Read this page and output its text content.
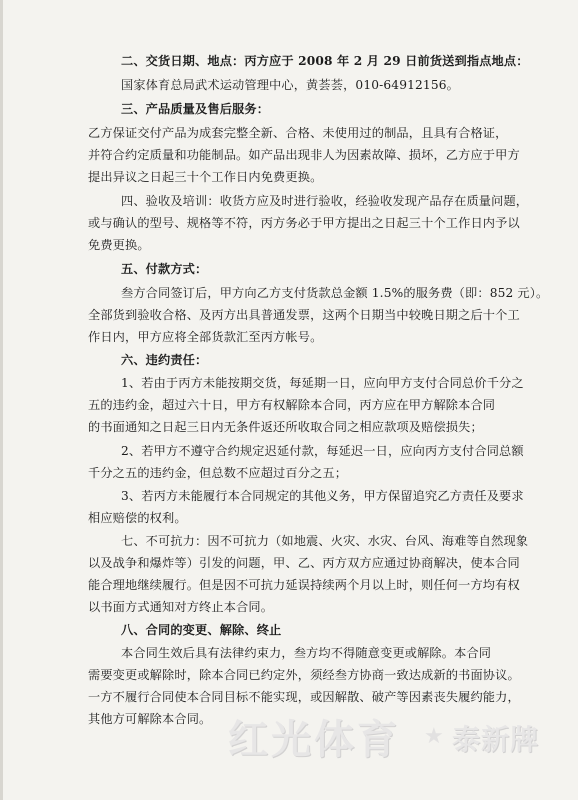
二、交货日期、地点：丙方应于 2008 年 2 月 29 日前货送到指点地点：
国家体育总局武术运动管理中心，黄荟荟，010-64912156。
三、产品质量及售后服务：
乙方保证交付产品为成套完整全新、合格、未使用过的制品，且具有合格证，
并符合约定质量和功能制品。如产品出现非人为因素故障、损坏，乙方应于甲方
提出异议之日起三十个工作日内免费更换。
四、验收及培训：收货方应及时进行验收，经验收发现产品存在质量问题，
或与确认的型号、规格等不符，丙方务必于甲方提出之日起三十个工作日内予以
免费更换。
五、付款方式：
叁方合同签订后，甲方向乙方支付货款总金额 1.5%的服务费（即：852 元）。
全部货到验收合格、及丙方出具普通发票，这两个日期当中较晚日期之后十个工
作日内，甲方应将全部货款汇至丙方帐号。
六、违约责任：
1、若由于丙方未能按期交货，每延期一日，应向甲方支付合同总价千分之
五的违约金，超过六十日，甲方有权解除本合同，丙方应在甲方解除本合同
的书面通知之日起三日内无条件返还所收取合同之相应款项及赔偿损失；
2、若甲方不遵守合约规定迟延付款，每延迟一日，应向丙方支付合同总额
千分之五的违约金，但总数不应超过百分之五；
3、若丙方未能履行本合同规定的其他义务，甲方保留追究乙方责任及要求
相应赔偿的权利。
七、不可抗力：因不可抗力（如地震、火灾、水灾、台风、海难等自然现象
以及战争和爆炸等）引发的问题，甲、乙、丙方双方应通过协商解决，使本合同
能合理地继续履行。但是因不可抗力延误持续两个月以上时，则任何一方均有权
以书面方式通知对方终止本合同。
八、合同的变更、解除、终止
本合同生效后具有法律约束力，叁方均不得随意变更或解除。本合同
需要变更或解除时，除本合同已约定外，须经叁方协商一致达成新的书面协议。
一方不履行合同使本合同目标不能实现，或因解散、破产等因素丧失履约能力，
其他方可解除本合同。 红光体育 ★ 泰新牌
